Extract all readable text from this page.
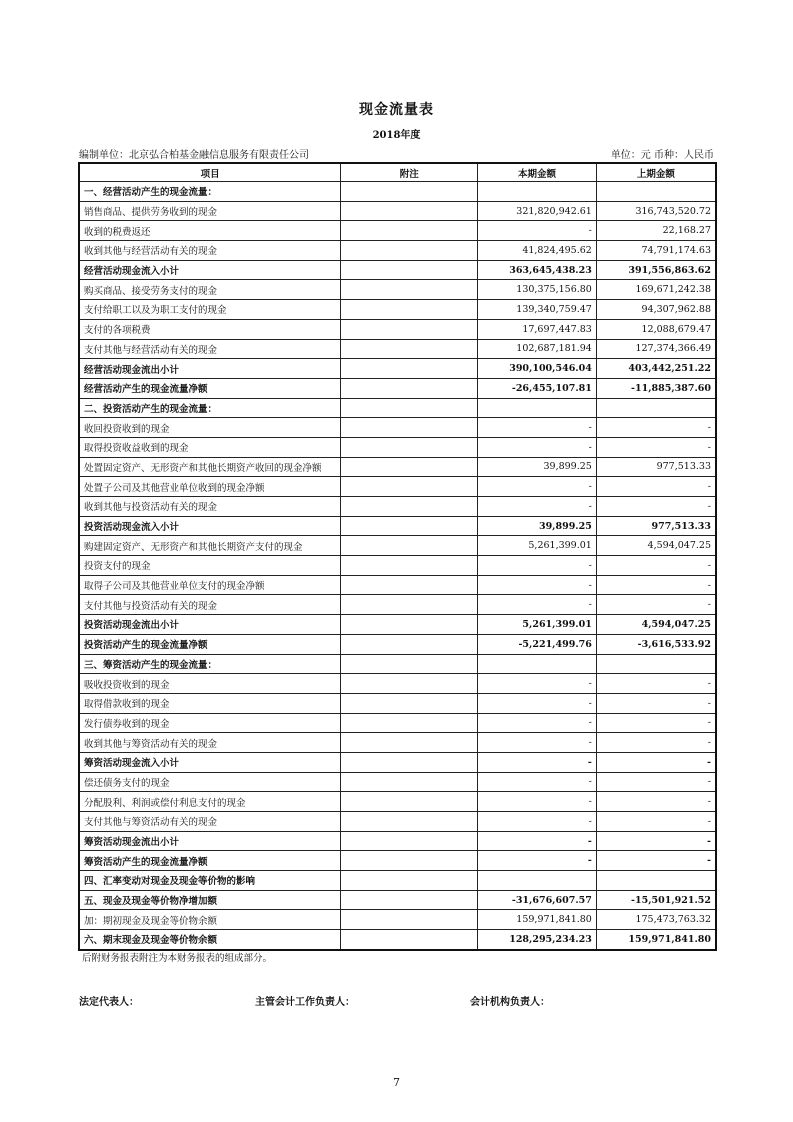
现金流量表
2018年度
编制单位：北京弘合柏基金融信息服务有限责任公司	单位：元 币种：人民币
项目	附注	本期金额	上期金额
一、经营活动产生的现金流量：			
销售商品、提供劳务收到的现金		321,820,942.61	316,743,520.72
收到的税费返还		-	22,168.27
收到其他与经营活动有关的现金		41,824,495.62	74,791,174.63
经营活动现金流入小计		363,645,438.23	391,556,863.62
购买商品、接受劳务支付的现金		130,375,156.80	169,671,242.38
支付给职工以及为职工支付的现金		139,340,759.47	94,307,962.88
支付的各项税费		17,697,447.83	12,088,679.47
支付其他与经营活动有关的现金		102,687,181.94	127,374,366.49
经营活动现金流出小计		390,100,546.04	403,442,251.22
经营活动产生的现金流量净额		-26,455,107.81	-11,885,387.60
二、投资活动产生的现金流量：			
收回投资收到的现金		-	-
取得投资收益收到的现金		-	-
处置固定资产、无形资产和其他长期资产收回的现金净额		39,899.25	977,513.33
处置子公司及其他营业单位收到的现金净额		-	-
收到其他与投资活动有关的现金		-	-
投资活动现金流入小计		39,899.25	977,513.33
购建固定资产、无形资产和其他长期资产支付的现金		5,261,399.01	4,594,047.25
投资支付的现金		-	-
取得子公司及其他营业单位支付的现金净额		-	-
支付其他与投资活动有关的现金		-	-
投资活动现金流出小计		5,261,399.01	4,594,047.25
投资活动产生的现金流量净额		-5,221,499.76	-3,616,533.92
三、筹资活动产生的现金流量：			
吸收投资收到的现金		-	-
取得借款收到的现金		-	-
发行债券收到的现金		-	-
收到其他与筹资活动有关的现金		-	-
筹资活动现金流入小计		-	-
偿还债务支付的现金		-	-
分配股利、利润或偿付利息支付的现金		-	-
支付其他与筹资活动有关的现金		-	-
筹资活动现金流出小计		-	-
筹资活动产生的现金流量净额		-	-
四、汇率变动对现金及现金等价物的影响			
五、现金及现金等价物净增加额		-31,676,607.57	-15,501,921.52
加：期初现金及现金等价物余额		159,971,841.80	175,473,763.32
六、期末现金及现金等价物余额		128,295,234.23	159,971,841.80
后附财务报表附注为本财务报表的组成部分。
法定代表人：	主管会计工作负责人：	会计机构负责人：
7
